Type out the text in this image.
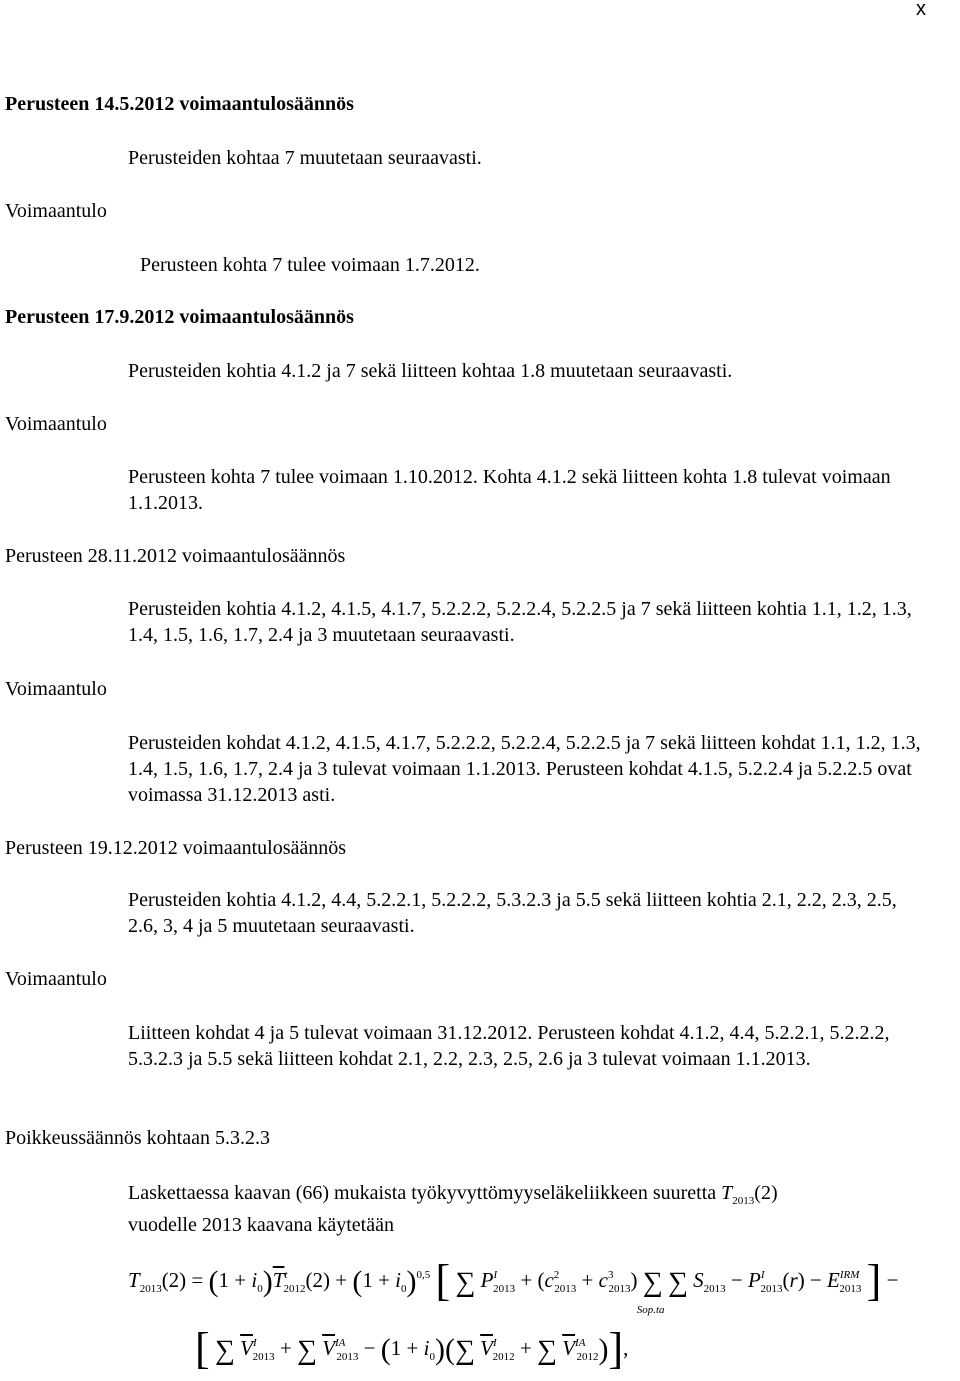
x
Perusteen 14.5.2012 voimaantulosäännös
Perusteiden kohtaa 7 muutetaan seuraavasti.
Voimaantulo
Perusteen kohta 7 tulee voimaan 1.7.2012.
Perusteen 17.9.2012 voimaantulosäännös
Perusteiden kohtia 4.1.2 ja 7 sekä liitteen kohtaa 1.8 muutetaan seuraavasti.
Voimaantulo
Perusteen kohta 7 tulee voimaan 1.10.2012. Kohta 4.1.2 sekä liitteen kohta 1.8 tulevat voimaan 1.1.2013.
Perusteen 28.11.2012 voimaantulosäännös
Perusteiden kohtia 4.1.2, 4.1.5, 4.1.7, 5.2.2.2, 5.2.2.4, 5.2.2.5 ja 7 sekä liitteen kohtia 1.1, 1.2, 1.3, 1.4, 1.5, 1.6, 1.7, 2.4 ja 3 muutetaan seuraavasti.
Voimaantulo
Perusteiden kohdat 4.1.2, 4.1.5, 4.1.7, 5.2.2.2, 5.2.2.4, 5.2.2.5 ja 7 sekä liitteen kohdat 1.1, 1.2, 1.3, 1.4, 1.5, 1.6, 1.7, 2.4 ja 3 tulevat voimaan 1.1.2013. Perusteen kohdat 4.1.5, 5.2.2.4 ja 5.2.2.5 ovat voimassa 31.12.2013 asti.
Perusteen 19.12.2012 voimaantulosäännös
Perusteiden kohtia 4.1.2, 4.4, 5.2.2.1, 5.2.2.2, 5.3.2.3 ja 5.5 sekä liitteen kohtia 2.1, 2.2, 2.3, 2.5, 2.6, 3, 4 ja 5 muutetaan seuraavasti.
Voimaantulo
Liitteen kohdat 4 ja 5 tulevat voimaan 31.12.2012. Perusteen kohdat 4.1.2, 4.4, 5.2.2.1, 5.2.2.2, 5.3.2.3 ja 5.5 sekä liitteen kohdat 2.1, 2.2, 2.3, 2.5, 2.6 ja 3 tulevat voimaan 1.1.2013.
Poikkeussäännös kohtaan 5.3.2.3
Laskettaessa kaavan (66) mukaista työkyvyttömyyseläkeliikkeen suuretta $T_{2013}(2)$
vuodelle 2013 kaavana käytetään
$T_{2013}(2) = (1 + i_0)\overline{T}^t_{2012}(2) + (1 + i_0)^{0,5}$ [ ∑ $P^I_{2013} + (c^2_{2013} + c^3_{2013})$ ∑
Sop.ta
∑ $S_{2013} - P^I_{2013}(r) - E^{IRM}_{2013}$ ] −
[ ∑ $\overline{V}^I_{2013}$ + ∑ $\overline{V}^{IA}_{2013} - (1 + i_0)(\sum$ $\overline{V}^I_{2012}$ + ∑ $\overline{V}^{IA}_{2012}$)],
